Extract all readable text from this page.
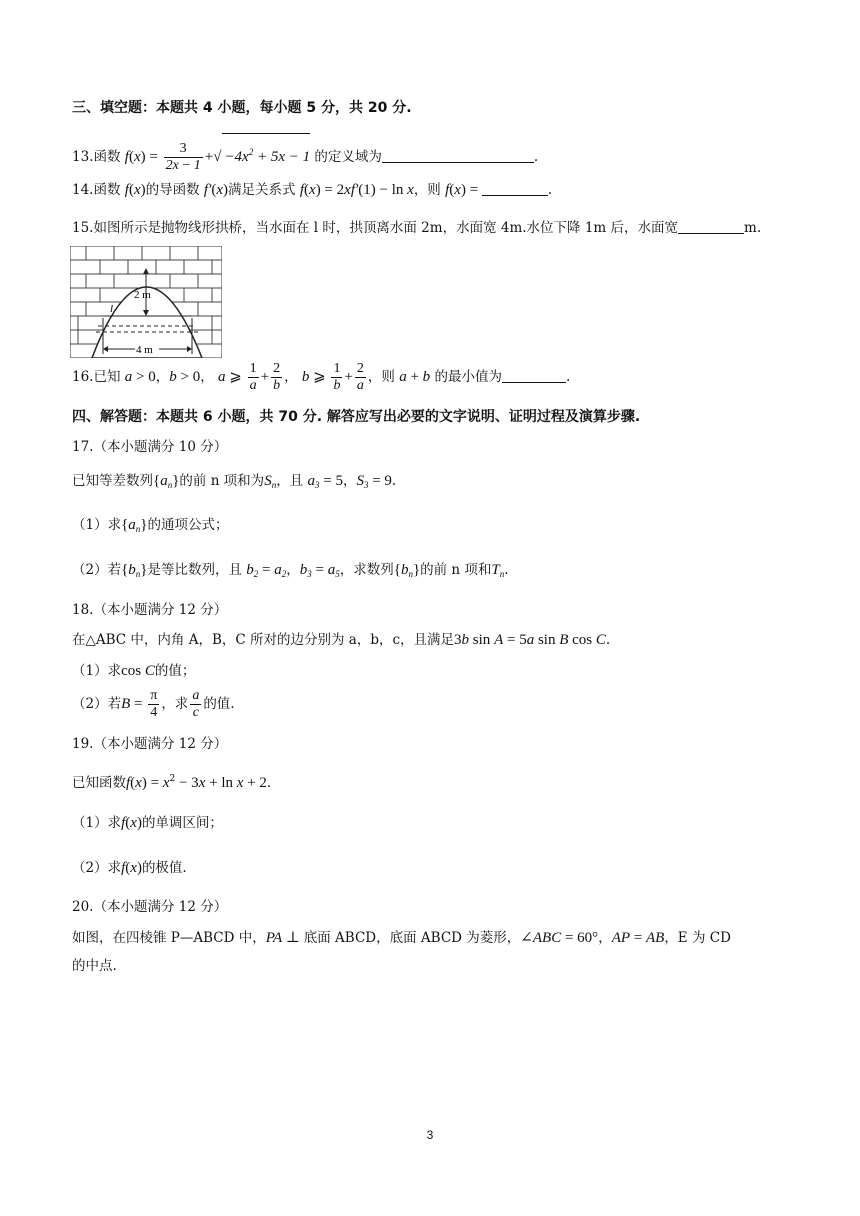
三、填空题：本题共 4 小题，每小题 5 分，共 20 分.
13.函数 $f(x) = \frac{3}{2x - 1}$ +√ $-4x^2 + 5x - 1$ 的定义域为	.
14.函数 f(x)的导函数 f′(x)满足关系式 f(x) = 2xf′(1) − ln x，则 f(x) =	.
15.如图所示是抛物线形拱桥，当水面在 l 时，拱顶离水面 2m，水面宽 4m.水位下降 1m 后，水面宽	m.
2 m
l
4 m
16.已知 a > 0，b > 0， a ⩾ $\frac{1}{a} + \frac{2}{b}$ ， b ⩾ $\frac{1}{b} + \frac{2}{a}$ ，则 a + b 的最小值为	.
四、解答题：本题共 6 小题，共 70 分. 解答应写出必要的文字说明、证明过程及演算步骤.
17.（本小题满分 10 分）
已知等差数列$\{a_n\}$的前 n 项和为$S_n$，且 $a_3 = 5$，$S_3 = 9$.
（1）求$\{a_n\}$的通项公式；
（2）若$\{b_n\}$是等比数列，且 $b_2 = a_2$，$b_3 = a_5$，求数列$\{b_n\}$的前 n 项和$T_n$.
18.（本小题满分 12 分）
在△ABC 中，内角 A，B，C 所对的边分别为 a，b，c，且满足3b sin A = 5a sin B cos C.
（1）求cos C的值；
（2）若$B = \frac{\pi}{4}$ ，求 $\frac{a}{c}$ 的值.
19.（本小题满分 12 分）
已知函数$f(x) = x^2 - 3x + \ln x + 2$.
（1）求f(x)的单调区间；
（2）求f(x)的极值.
20.（本小题满分 12 分）
如图，在四棱锥 P—ABCD 中，PA ⊥ 底面 ABCD，底面 ABCD 为菱形，∠ABC = 60°，AP = AB，E 为 CD
的中点.
3
